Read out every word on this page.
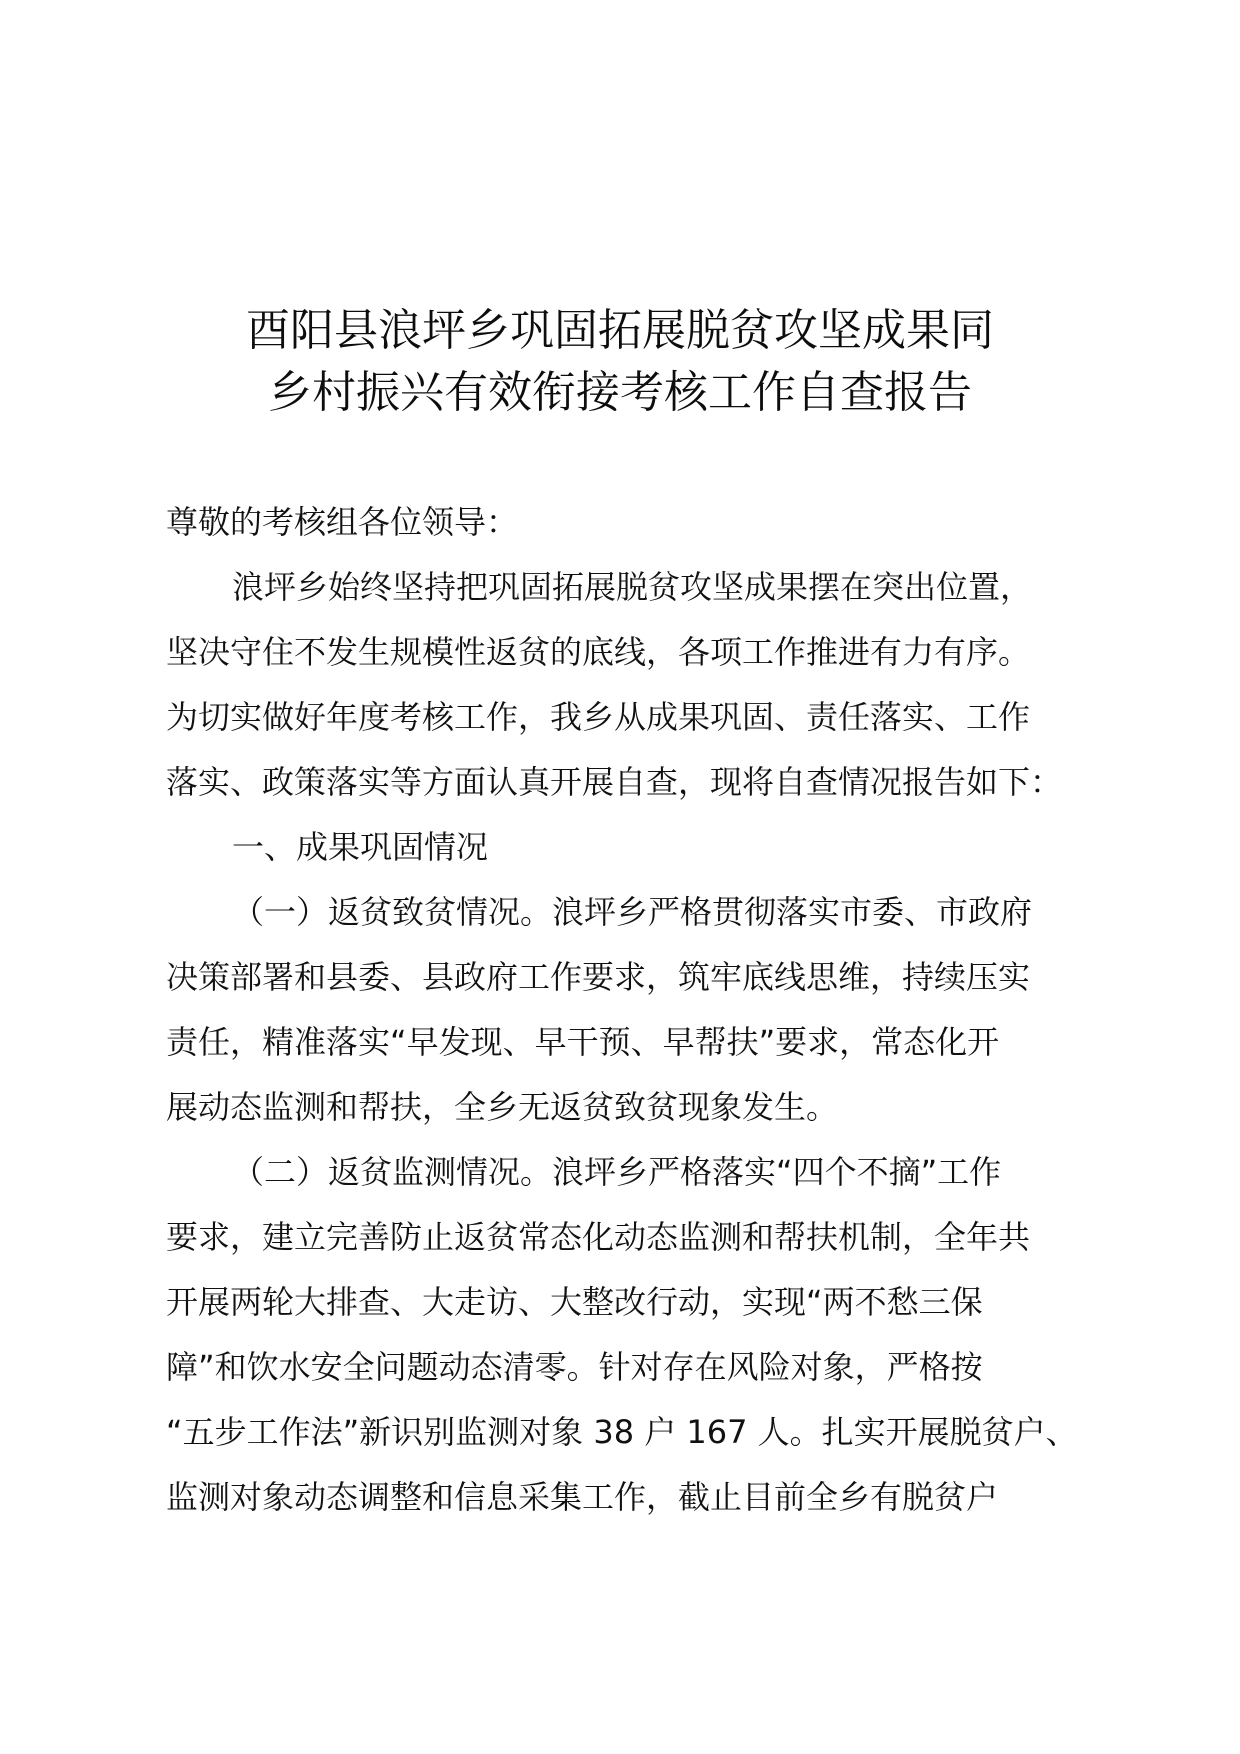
酉阳县浪坪乡巩固拓展脱贫攻坚成果同
乡村振兴有效衔接考核工作自查报告
尊敬的考核组各位领导：
浪坪乡始终坚持把巩固拓展脱贫攻坚成果摆在突出位置，
坚决守住不发生规模性返贫的底线，各项工作推进有力有序。
为切实做好年度考核工作，我乡从成果巩固、责任落实、工作
落实、政策落实等方面认真开展自查，现将自查情况报告如下：
一、成果巩固情况
（一）返贫致贫情况。浪坪乡严格贯彻落实市委、市政府
决策部署和县委、县政府工作要求，筑牢底线思维，持续压实
责任，精准落实“早发现、早干预、早帮扶”要求，常态化开
展动态监测和帮扶，全乡无返贫致贫现象发生。
（二）返贫监测情况。浪坪乡严格落实“四个不摘”工作
要求，建立完善防止返贫常态化动态监测和帮扶机制，全年共
开展两轮大排查、大走访、大整改行动，实现“两不愁三保
障”和饮水安全问题动态清零。针对存在风险对象，严格按
“五步工作法”新识别监测对象 38 户 167 人。扎实开展脱贫户、
监测对象动态调整和信息采集工作，截止目前全乡有脱贫户
